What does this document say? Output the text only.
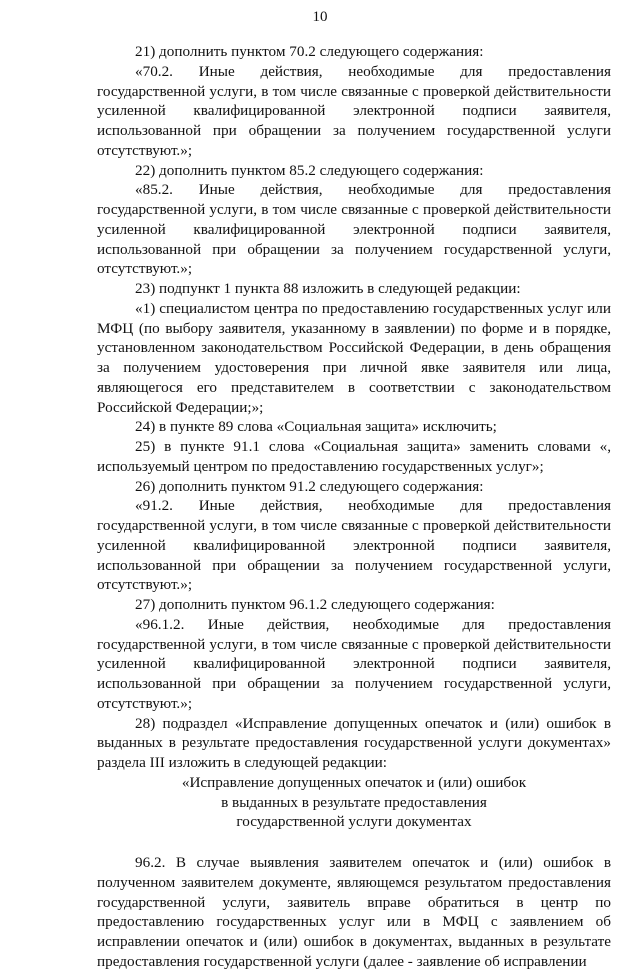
10

21) дополнить пунктом 70.2 следующего содержания:

«70.2. Иные действия, необходимые для предоставления государственной услуги, в том числе связанные с проверкой действительности усиленной квалифицированной электронной подписи заявителя, использованной при обращении за получением государственной услуги отсутствуют.»;

22) дополнить пунктом 85.2 следующего содержания:

«85.2. Иные действия, необходимые для предоставления государственной услуги, в том числе связанные с проверкой действительности усиленной квалифицированной электронной подписи заявителя, использованной при обращении за получением государственной услуги, отсутствуют.»;

23) подпункт 1 пункта 88 изложить в следующей редакции:

«1) специалистом центра по предоставлению государственных услуг или МФЦ (по выбору заявителя, указанному в заявлении) по форме и в порядке, установленном законодательством Российской Федерации, в день обращения за получением удостоверения при личной явке заявителя или лица, являющегося его представителем в соответствии с законодательством Российской Федерации;»;

24) в пункте 89 слова «Социальная защита» исключить;

25) в пункте 91.1 слова «Социальная защита» заменить словами «, используемый центром по предоставлению государственных услуг»;

26) дополнить пунктом 91.2 следующего содержания:

«91.2. Иные действия, необходимые для предоставления государственной услуги, в том числе связанные с проверкой действительности усиленной квалифицированной электронной подписи заявителя, использованной при обращении за получением государственной услуги, отсутствуют.»;

27) дополнить пунктом 96.1.2 следующего содержания:

«96.1.2. Иные действия, необходимые для предоставления государственной услуги, в том числе связанные с проверкой действительности усиленной квалифицированной электронной подписи заявителя, использованной при обращении за получением государственной услуги, отсутствуют.»;

28) подраздел «Исправление допущенных опечаток и (или) ошибок в выданных в результате предоставления государственной услуги документах» раздела III изложить в следующей редакции:

«Исправление допущенных опечаток и (или) ошибок

в выданных в результате предоставления

государственной услуги документах

96.2. В случае выявления заявителем опечаток и (или) ошибок в полученном заявителем документе, являющемся результатом предоставления государственной услуги, заявитель вправе обратиться в центр по предоставлению государственных услуг или в МФЦ с заявлением об исправлении опечаток и (или) ошибок в документах, выданных в результате предоставления государственной услуги (далее - заявление об исправлении
